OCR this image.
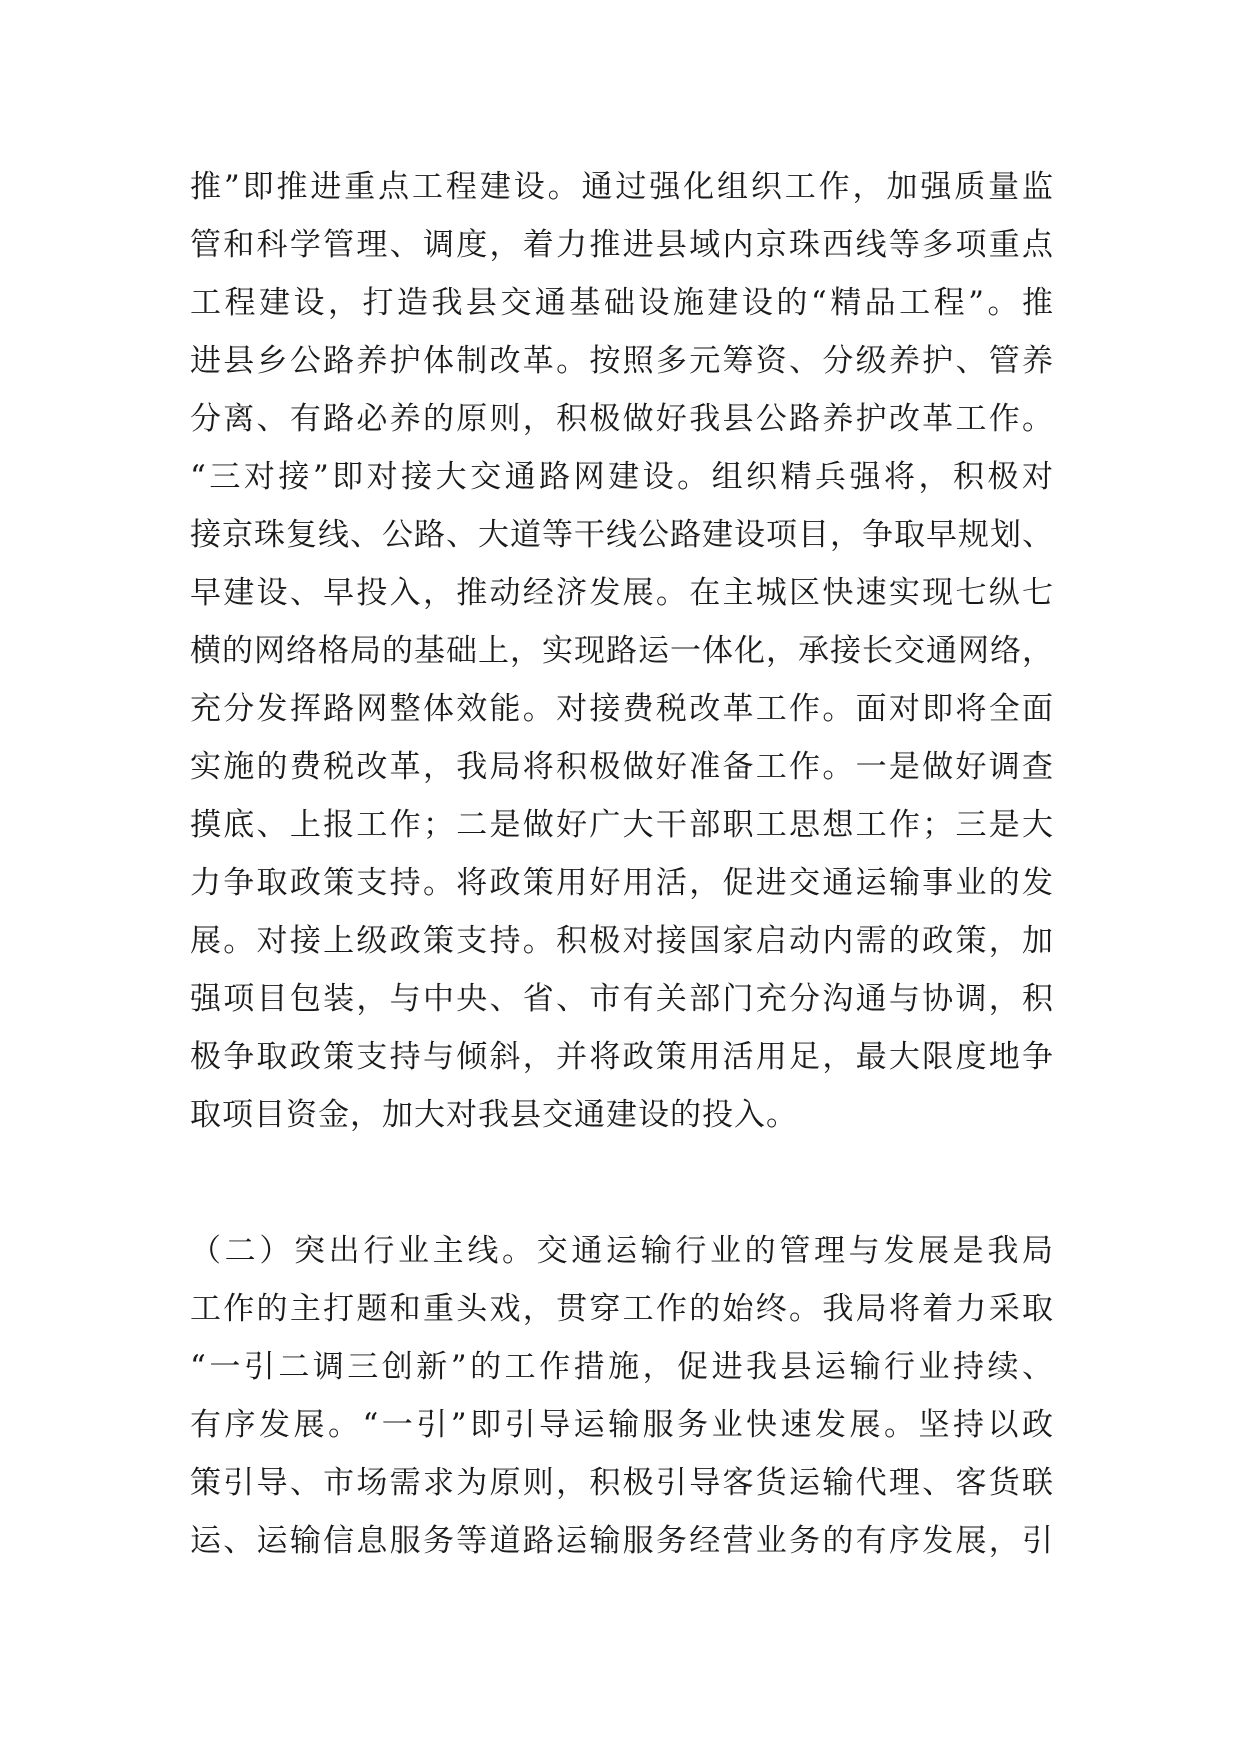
推”即推进重点工程建设。通过强化组织工作，加强质量监
管和科学管理、调度，着力推进县域内京珠西线等多项重点
工程建设，打造我县交通基础设施建设的“精品工程”。推
进县乡公路养护体制改革。按照多元筹资、分级养护、管养
分离、有路必养的原则，积极做好我县公路养护改革工作。
“三对接”即对接大交通路网建设。组织精兵强将，积极对
接京珠复线、公路、大道等干线公路建设项目，争取早规划、
早建设、早投入，推动经济发展。在主城区快速实现七纵七
横的网络格局的基础上，实现路运一体化，承接长交通网络，
充分发挥路网整体效能。对接费税改革工作。面对即将全面
实施的费税改革，我局将积极做好准备工作。一是做好调查
摸底、上报工作；二是做好广大干部职工思想工作；三是大
力争取政策支持。将政策用好用活，促进交通运输事业的发
展。对接上级政策支持。积极对接国家启动内需的政策，加
强项目包装，与中央、省、市有关部门充分沟通与协调，积
极争取政策支持与倾斜，并将政策用活用足，最大限度地争
取项目资金，加大对我县交通建设的投入。
（二）突出行业主线。交通运输行业的管理与发展是我局
工作的主打题和重头戏，贯穿工作的始终。我局将着力采取
“一引二调三创新”的工作措施，促进我县运输行业持续、
有序发展。“一引”即引导运输服务业快速发展。坚持以政
策引导、市场需求为原则，积极引导客货运输代理、客货联
运、运输信息服务等道路运输服务经营业务的有序发展，引
